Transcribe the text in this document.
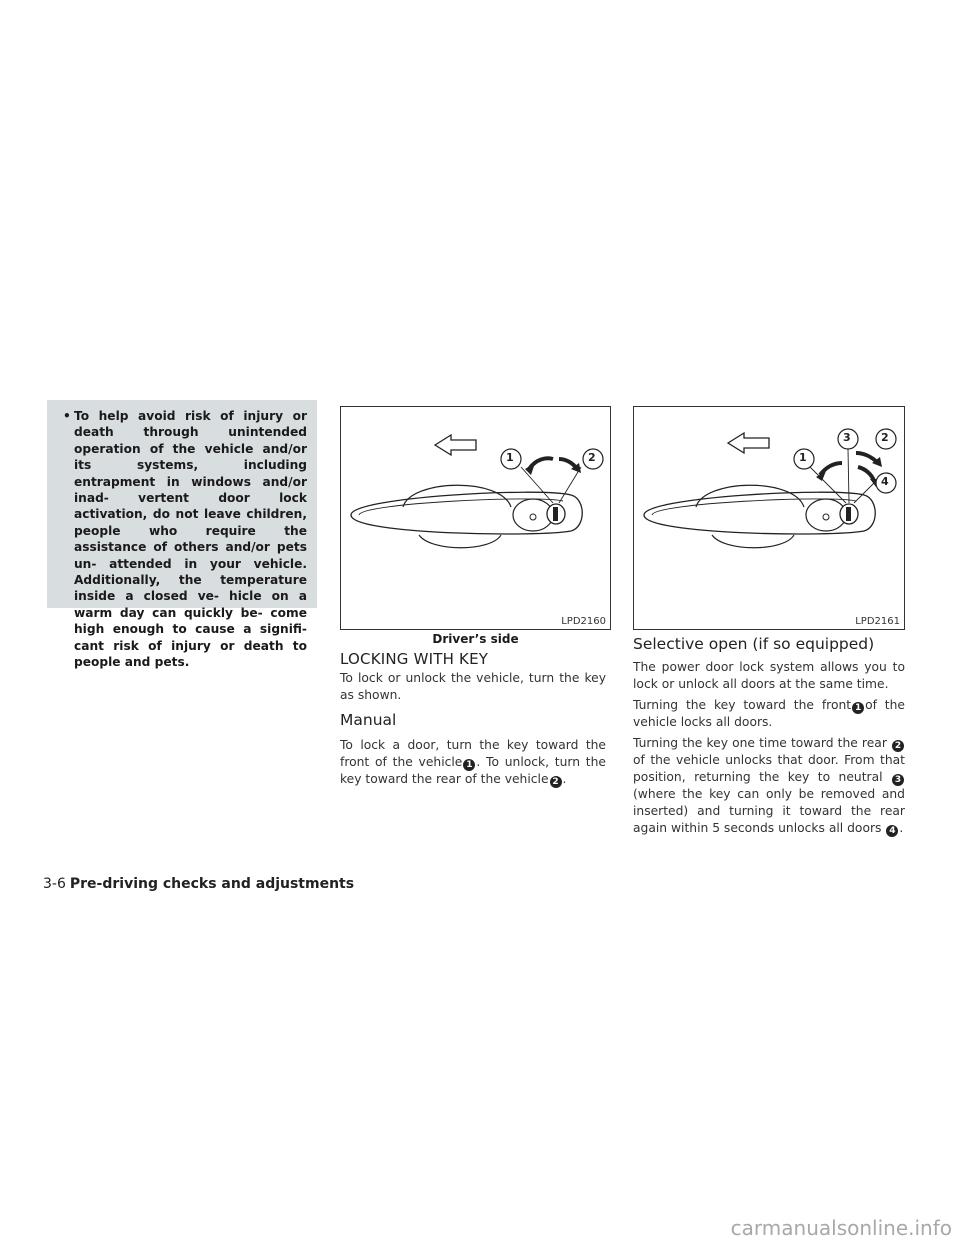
• To help avoid risk of injury or death through unintended operation of the vehicle and/or its systems, including entrapment in windows and/or inad- vertent door lock activation, do not leave children, people who require the assistance of others and/or pets un- attended in your vehicle. Additionally, the temperature inside a closed ve- hicle on a warm day can quickly be- come high enough to cause a signifi- cant risk of injury or death to people and pets.
1	2
LPD2160
Driver’s side
1
3	2
4
LPD2161
LOCKING WITH KEY
To lock or unlock the vehicle, turn the key as shown.
Manual
To lock a door, turn the key toward the front of the vehicle 1 . To unlock, turn the key toward the rear of the vehicle 2 .
Selective open (if so equipped)
The power door lock system allows you to lock or unlock all doors at the same time.
Turning the key toward the front 1 of the vehicle locks all doors.
Turning the key one time toward the rear 2 of the vehicle unlocks that door. From that position, returning the key to neutral 3 (where the key can only be removed and inserted) and turning it toward the rear again within 5 seconds unlocks all doors 4 .
3-6 Pre-driving checks and adjustments
carmanualsonline.info
